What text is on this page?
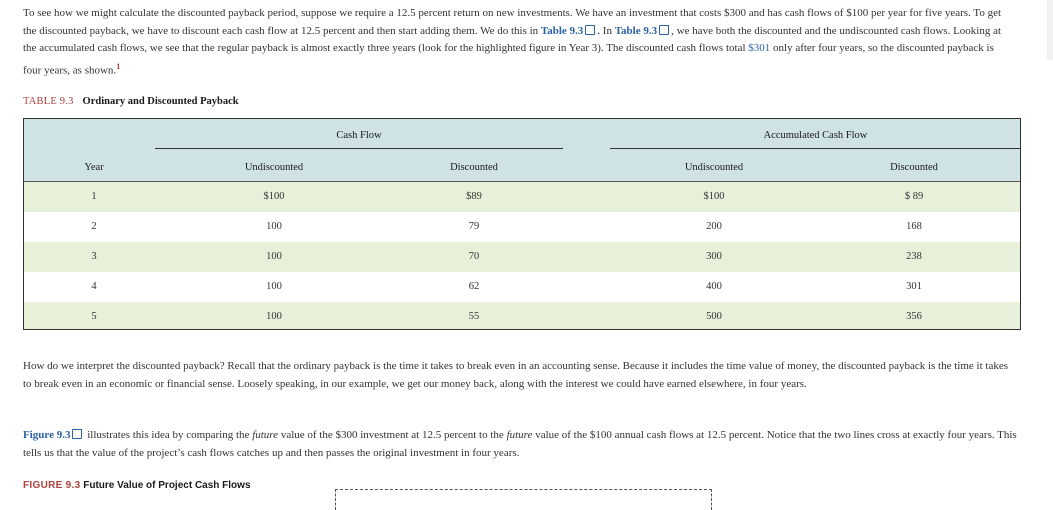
To see how we might calculate the discounted payback period, suppose we require a 12.5 percent return on new investments. We have an investment that costs $300 and has cash flows of $100 per year for five years. To get the discounted payback, we have to discount each cash flow at 12.5 percent and then start adding them. We do this in Table 9.3 . In Table 9.3 , we have both the discounted and the undiscounted cash flows. Looking at the accumulated cash flows, we see that the regular payback is almost exactly three years (look for the highlighted figure in Year 3). The discounted cash flows total $301 only after four years, so the discounted payback is four years, as shown.$^1$

TABLE 9.3 Ordinary and Discounted Payback
Cash Flow	Accumulated Cash Flow
Year	Undiscounted	Discounted	Undiscounted	Discounted
1	$100	$89	$100	$ 89
2	100	79	200	168
3	100	70	300	238
4	100	62	400	301
5	100	55	500	356

How do we interpret the discounted payback? Recall that the ordinary payback is the time it takes to break even in an accounting sense. Because it includes the time value of money, the discounted payback is the time it takes to break even in an economic or financial sense. Loosely speaking, in our example, we get our money back, along with the interest we could have earned elsewhere, in four years.

Figure 9.3 illustrates this idea by comparing the future value of the $300 investment at 12.5 percent to the future value of the $100 annual cash flows at 12.5 percent. Notice that the two lines cross at exactly four years. This tells us that the value of the project’s cash flows catches up and then passes the original investment in four years.

FIGURE 9.3 Future Value of Project Cash Flows
